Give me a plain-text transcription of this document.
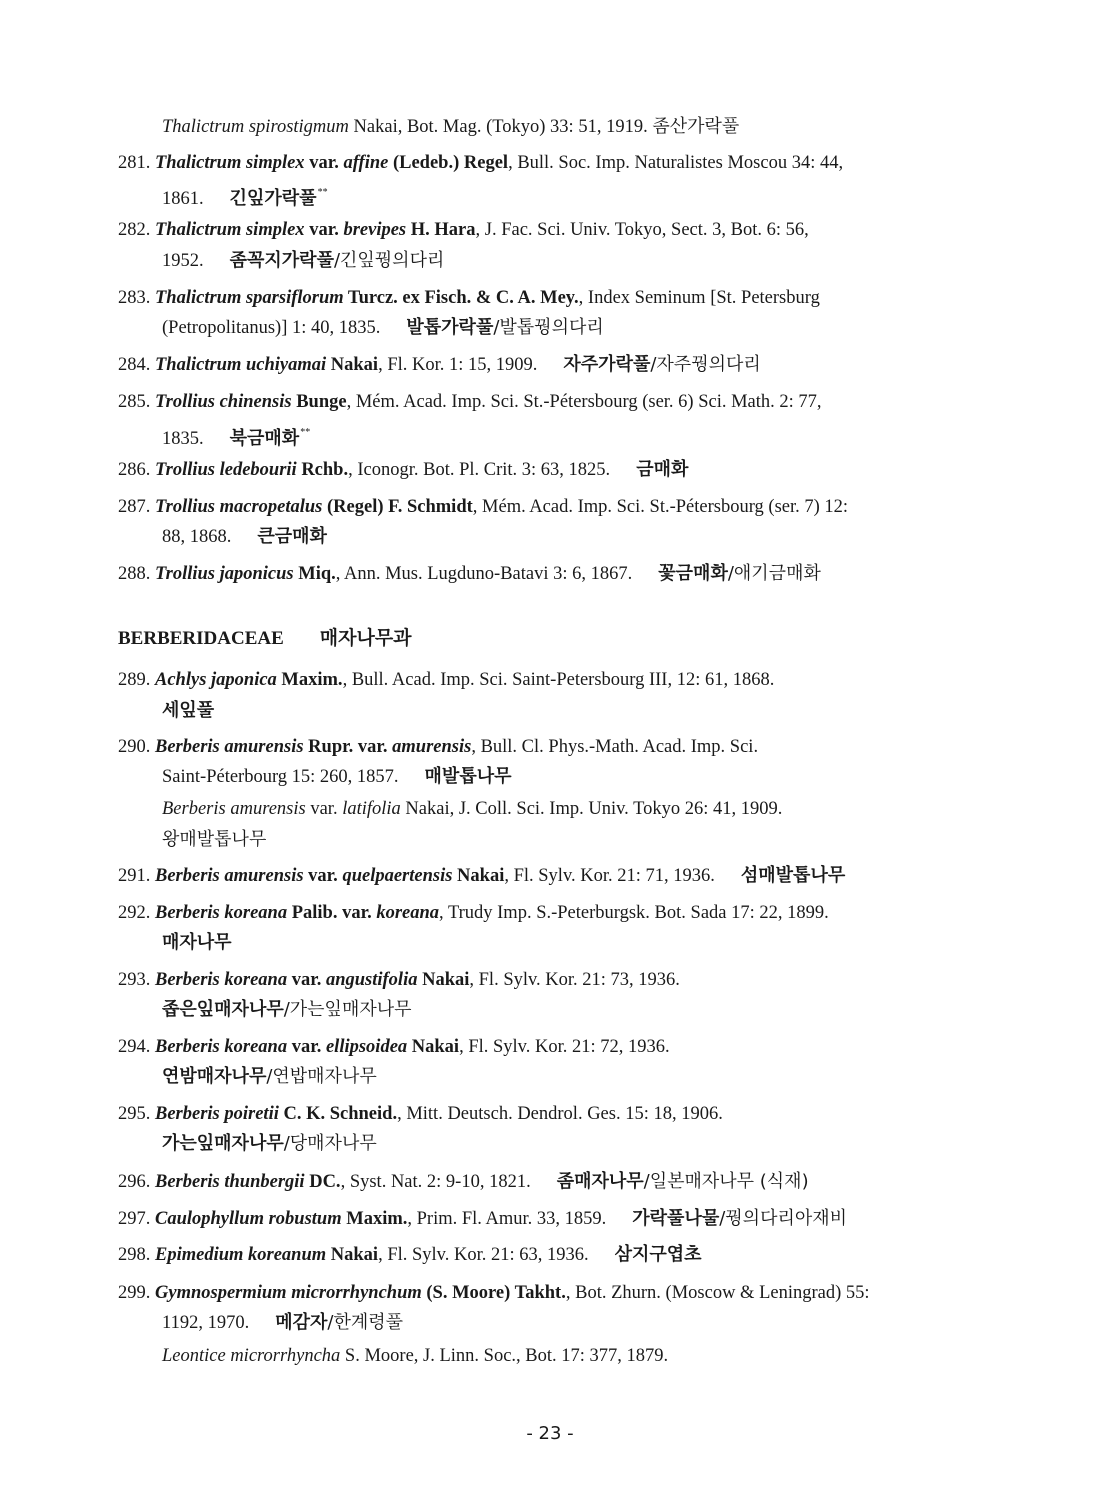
Thalictrum spirostigmum Nakai, Bot. Mag. (Tokyo) 33: 51, 1919. 좀산가락풀
281. Thalictrum simplex var. affine (Ledeb.) Regel, Bull. Soc. Imp. Naturalistes Moscou 34: 44,
1861. 긴잎가락풀**
282. Thalictrum simplex var. brevipes H. Hara, J. Fac. Sci. Univ. Tokyo, Sect. 3, Bot. 6: 56,
1952. 좀꼭지가락풀/긴잎꿩의다리
283. Thalictrum sparsiflorum Turcz. ex Fisch. & C. A. Mey., Index Seminum [St. Petersburg
(Petropolitanus)] 1: 40, 1835. 발톱가락풀/발톱꿩의다리
284. Thalictrum uchiyamai Nakai, Fl. Kor. 1: 15, 1909. 자주가락풀/자주꿩의다리
285. Trollius chinensis Bunge, Mém. Acad. Imp. Sci. St.-Pétersbourg (ser. 6) Sci. Math. 2: 77,
1835. 북금매화**
286. Trollius ledebourii Rchb., Iconogr. Bot. Pl. Crit. 3: 63, 1825. 금매화
287. Trollius macropetalus (Regel) F. Schmidt, Mém. Acad. Imp. Sci. St.-Pétersbourg (ser. 7) 12:
88, 1868. 큰금매화
288. Trollius japonicus Miq., Ann. Mus. Lugduno-Batavi 3: 6, 1867. 꽃금매화/애기금매화
BERBERIDACEAE 매자나무과
289. Achlys japonica Maxim., Bull. Acad. Imp. Sci. Saint-Petersbourg III, 12: 61, 1868.
세잎풀
290. Berberis amurensis Rupr. var. amurensis, Bull. Cl. Phys.-Math. Acad. Imp. Sci.
Saint-Péterbourg 15: 260, 1857. 매발톱나무
Berberis amurensis var. latifolia Nakai, J. Coll. Sci. Imp. Univ. Tokyo 26: 41, 1909.
왕매발톱나무
291. Berberis amurensis var. quelpaertensis Nakai, Fl. Sylv. Kor. 21: 71, 1936. 섬매발톱나무
292. Berberis koreana Palib. var. koreana, Trudy Imp. S.-Peterburgsk. Bot. Sada 17: 22, 1899.
매자나무
293. Berberis koreana var. angustifolia Nakai, Fl. Sylv. Kor. 21: 73, 1936.
좁은잎매자나무/가는잎매자나무
294. Berberis koreana var. ellipsoidea Nakai, Fl. Sylv. Kor. 21: 72, 1936.
연밤매자나무/연밥매자나무
295. Berberis poiretii C. K. Schneid., Mitt. Deutsch. Dendrol. Ges. 15: 18, 1906.
가는잎매자나무/당매자나무
296. Berberis thunbergii DC., Syst. Nat. 2: 9-10, 1821. 좀매자나무/일본매자나무 (식재)
297. Caulophyllum robustum Maxim., Prim. Fl. Amur. 33, 1859. 가락풀나물/꿩의다리아재비
298. Epimedium koreanum Nakai, Fl. Sylv. Kor. 21: 63, 1936. 삼지구엽초
299. Gymnospermium microrrhynchum (S. Moore) Takht., Bot. Zhurn. (Moscow & Leningrad) 55:
1192, 1970. 메감자/한계령풀
Leontice microrrhyncha S. Moore, J. Linn. Soc., Bot. 17: 377, 1879.
- 23 -
